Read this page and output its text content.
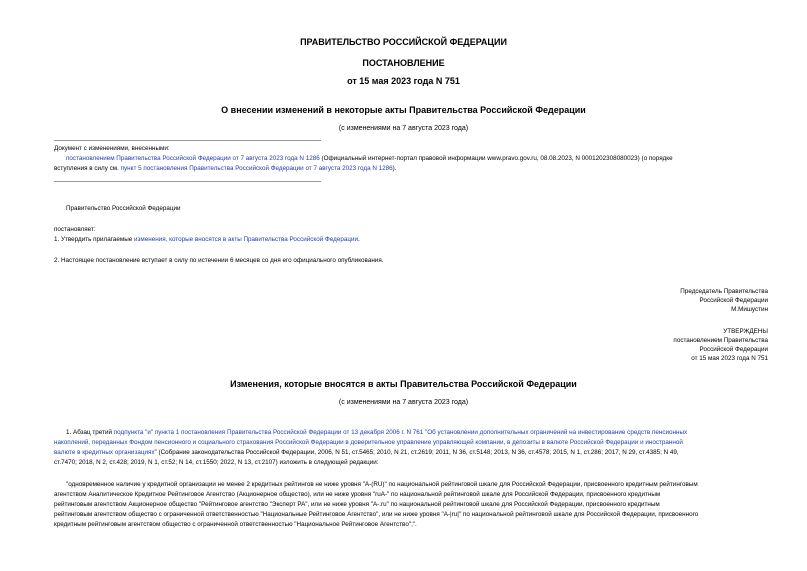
ПРАВИТЕЛЬСТВО РОССИЙСКОЙ ФЕДЕРАЦИИ
ПОСТАНОВЛЕНИЕ
от 15 мая 2023 года N 751
О внесении изменений в некоторые акты Правительства Российской Федерации
(с изменениями на 7 августа 2023 года)
Документ с изменениями, внесенными:
постановлением Правительства Российской Федерации от 7 августа 2023 года N 1286 (Официальный интернет-портал правовой информации www.pravo.gov.ru, 08.08.2023, N 0001202308080023) (о порядке
вступления в силу см. пункт 5 постановления Правительства Российской Федерации от 7 августа 2023 года N 1286).
Правительство Российской Федерации
постановляет:
1. Утвердить прилагаемые изменения, которые вносятся в акты Правительства Российской Федерации.
2. Настоящее постановление вступает в силу по истечении 6 месяцев со дня его официального опубликования.
Председатель Правительства
Российской Федерации
М.Мишустин
УТВЕРЖДЕНЫ
постановлением Правительства
Российской Федерации
от 15 мая 2023 года N 751
Изменения, которые вносятся в акты Правительства Российской Федерации
(с изменениями на 7 августа 2023 года)
1. Абзац третий подпункта "и" пункта 1 постановления Правительства Российской Федерации от 13 декабря 2006 г. N 761 "Об установлении дополнительных ограничений на инвестирование средств пенсионных
накоплений, переданных Фондом пенсионного и социального страхования Российской Федерации в доверительное управление управляющей компании, в депозиты в валюте Российской Федерации и иностранной
валюте в кредитных организациях" (Собрание законодательства Российской Федерации, 2006, N 51, ст.5465; 2010, N 21, ст.2619; 2011, N 36, ст.5148; 2013, N 36, ст.4578; 2015, N 1, ст.286; 2017, N 29, ст.4385; N 49,
ст.7470; 2018, N 2, ст.428; 2019, N 1, ст.52; N 14, ст.1550; 2022, N 13, ст.2107) изложить в следующей редакции:
"одновременное наличие у кредитной организации не менее 2 кредитных рейтингов не ниже уровня "A-(RU)" по национальной рейтинговой шкале для Российской Федерации, присвоенного кредитным рейтинговым
агентством Аналитическое Кредитное Рейтинговое Агентство (Акционерное общество), или не ниже уровня "ruA-" по национальной рейтинговой шкале для Российской Федерации, присвоенного кредитным
рейтинговым агентством Акционерное общество "Рейтинговое агентство "Эксперт РА", или не ниже уровня "A-.ru" по национальной рейтинговой шкале для Российской Федерации, присвоенного кредитным
рейтинговым агентством общество с ограниченной ответственностью "Национальные Рейтинговое Агентство", или не ниже уровня "A-|ru|" по национальной рейтинговой шкале для Российской Федерации, присвоенного
кредитным рейтинговым агентством общество с ограниченной ответственностью "Национальное Рейтинговое Агентство";".
